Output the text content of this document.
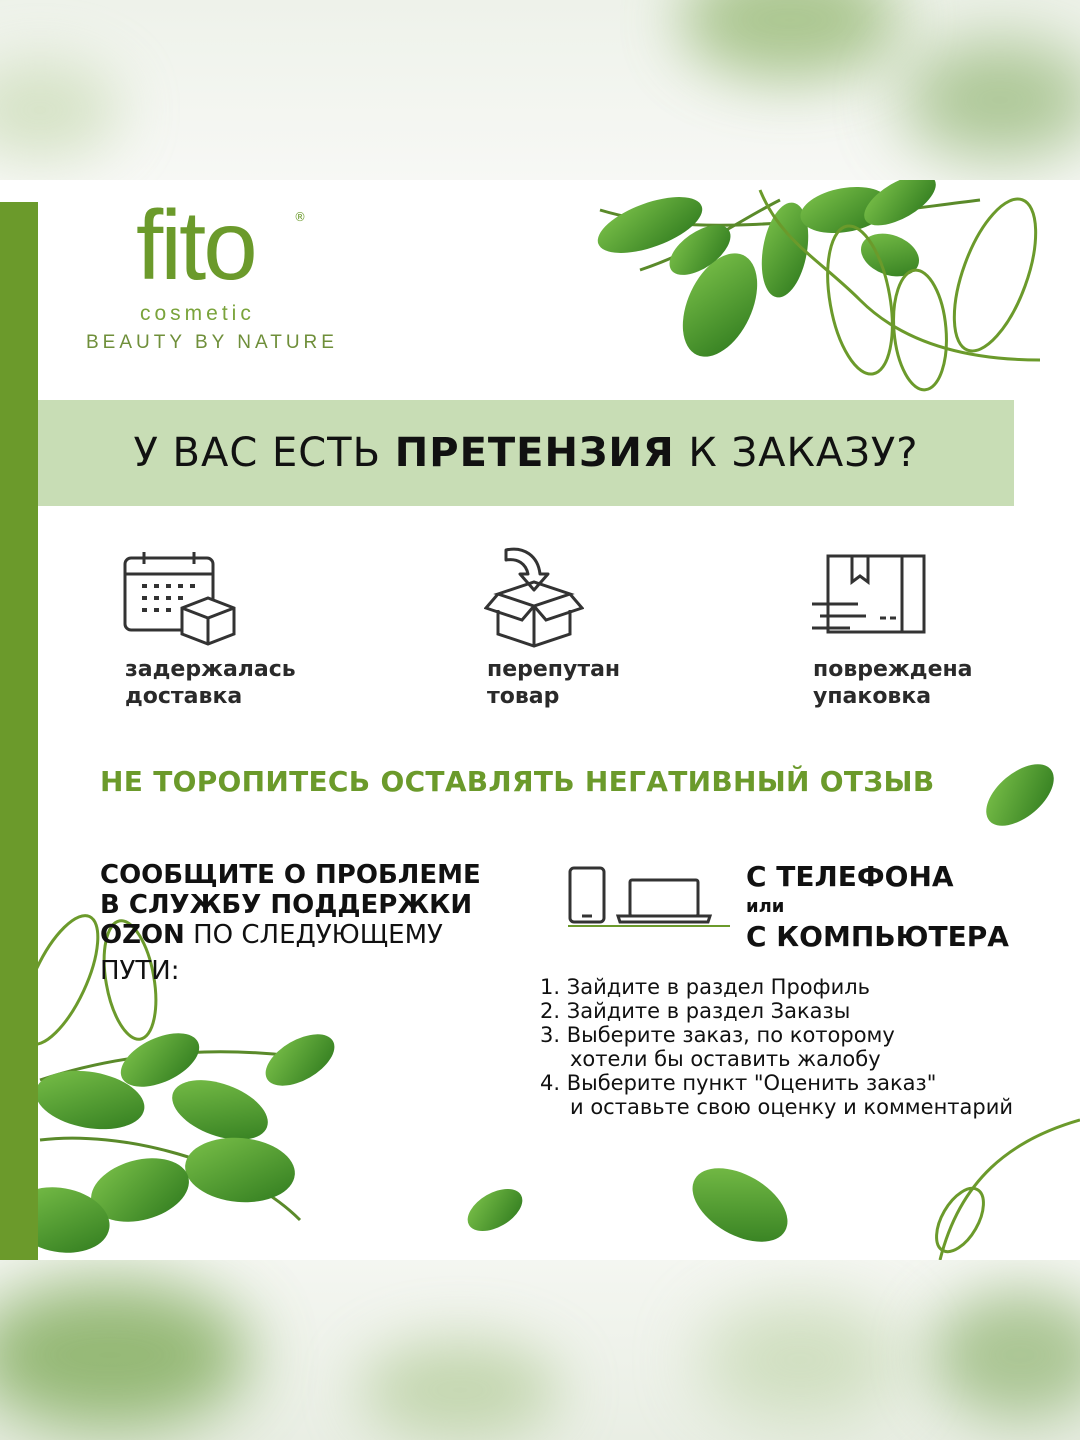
fito	®
cosmetic
BEAUTY BY NATURE
У ВАС ЕСТЬ ПРЕТЕНЗИЯ К ЗАКАЗУ?
задержалась
доставка
перепутан
товар
повреждена
упаковка
НЕ ТОРОПИТЕСЬ ОСТАВЛЯТЬ НЕГАТИВНЫЙ ОТЗЫВ
СООБЩИТЕ О ПРОБЛЕМЕ
В СЛУЖБУ ПОДДЕРЖКИ
OZON ПО СЛЕДУЮЩЕМУ
ПУТИ:
С ТЕЛЕФОНА
или
С КОМПЬЮТЕРА
1. Зайдите в раздел Профиль
2. Зайдите в раздел Заказы
3. Выберите заказ, по которому
хотели бы оставить жалобу
4. Выберите пункт "Оценить заказ"
и оставьте свою оценку и комментарий
